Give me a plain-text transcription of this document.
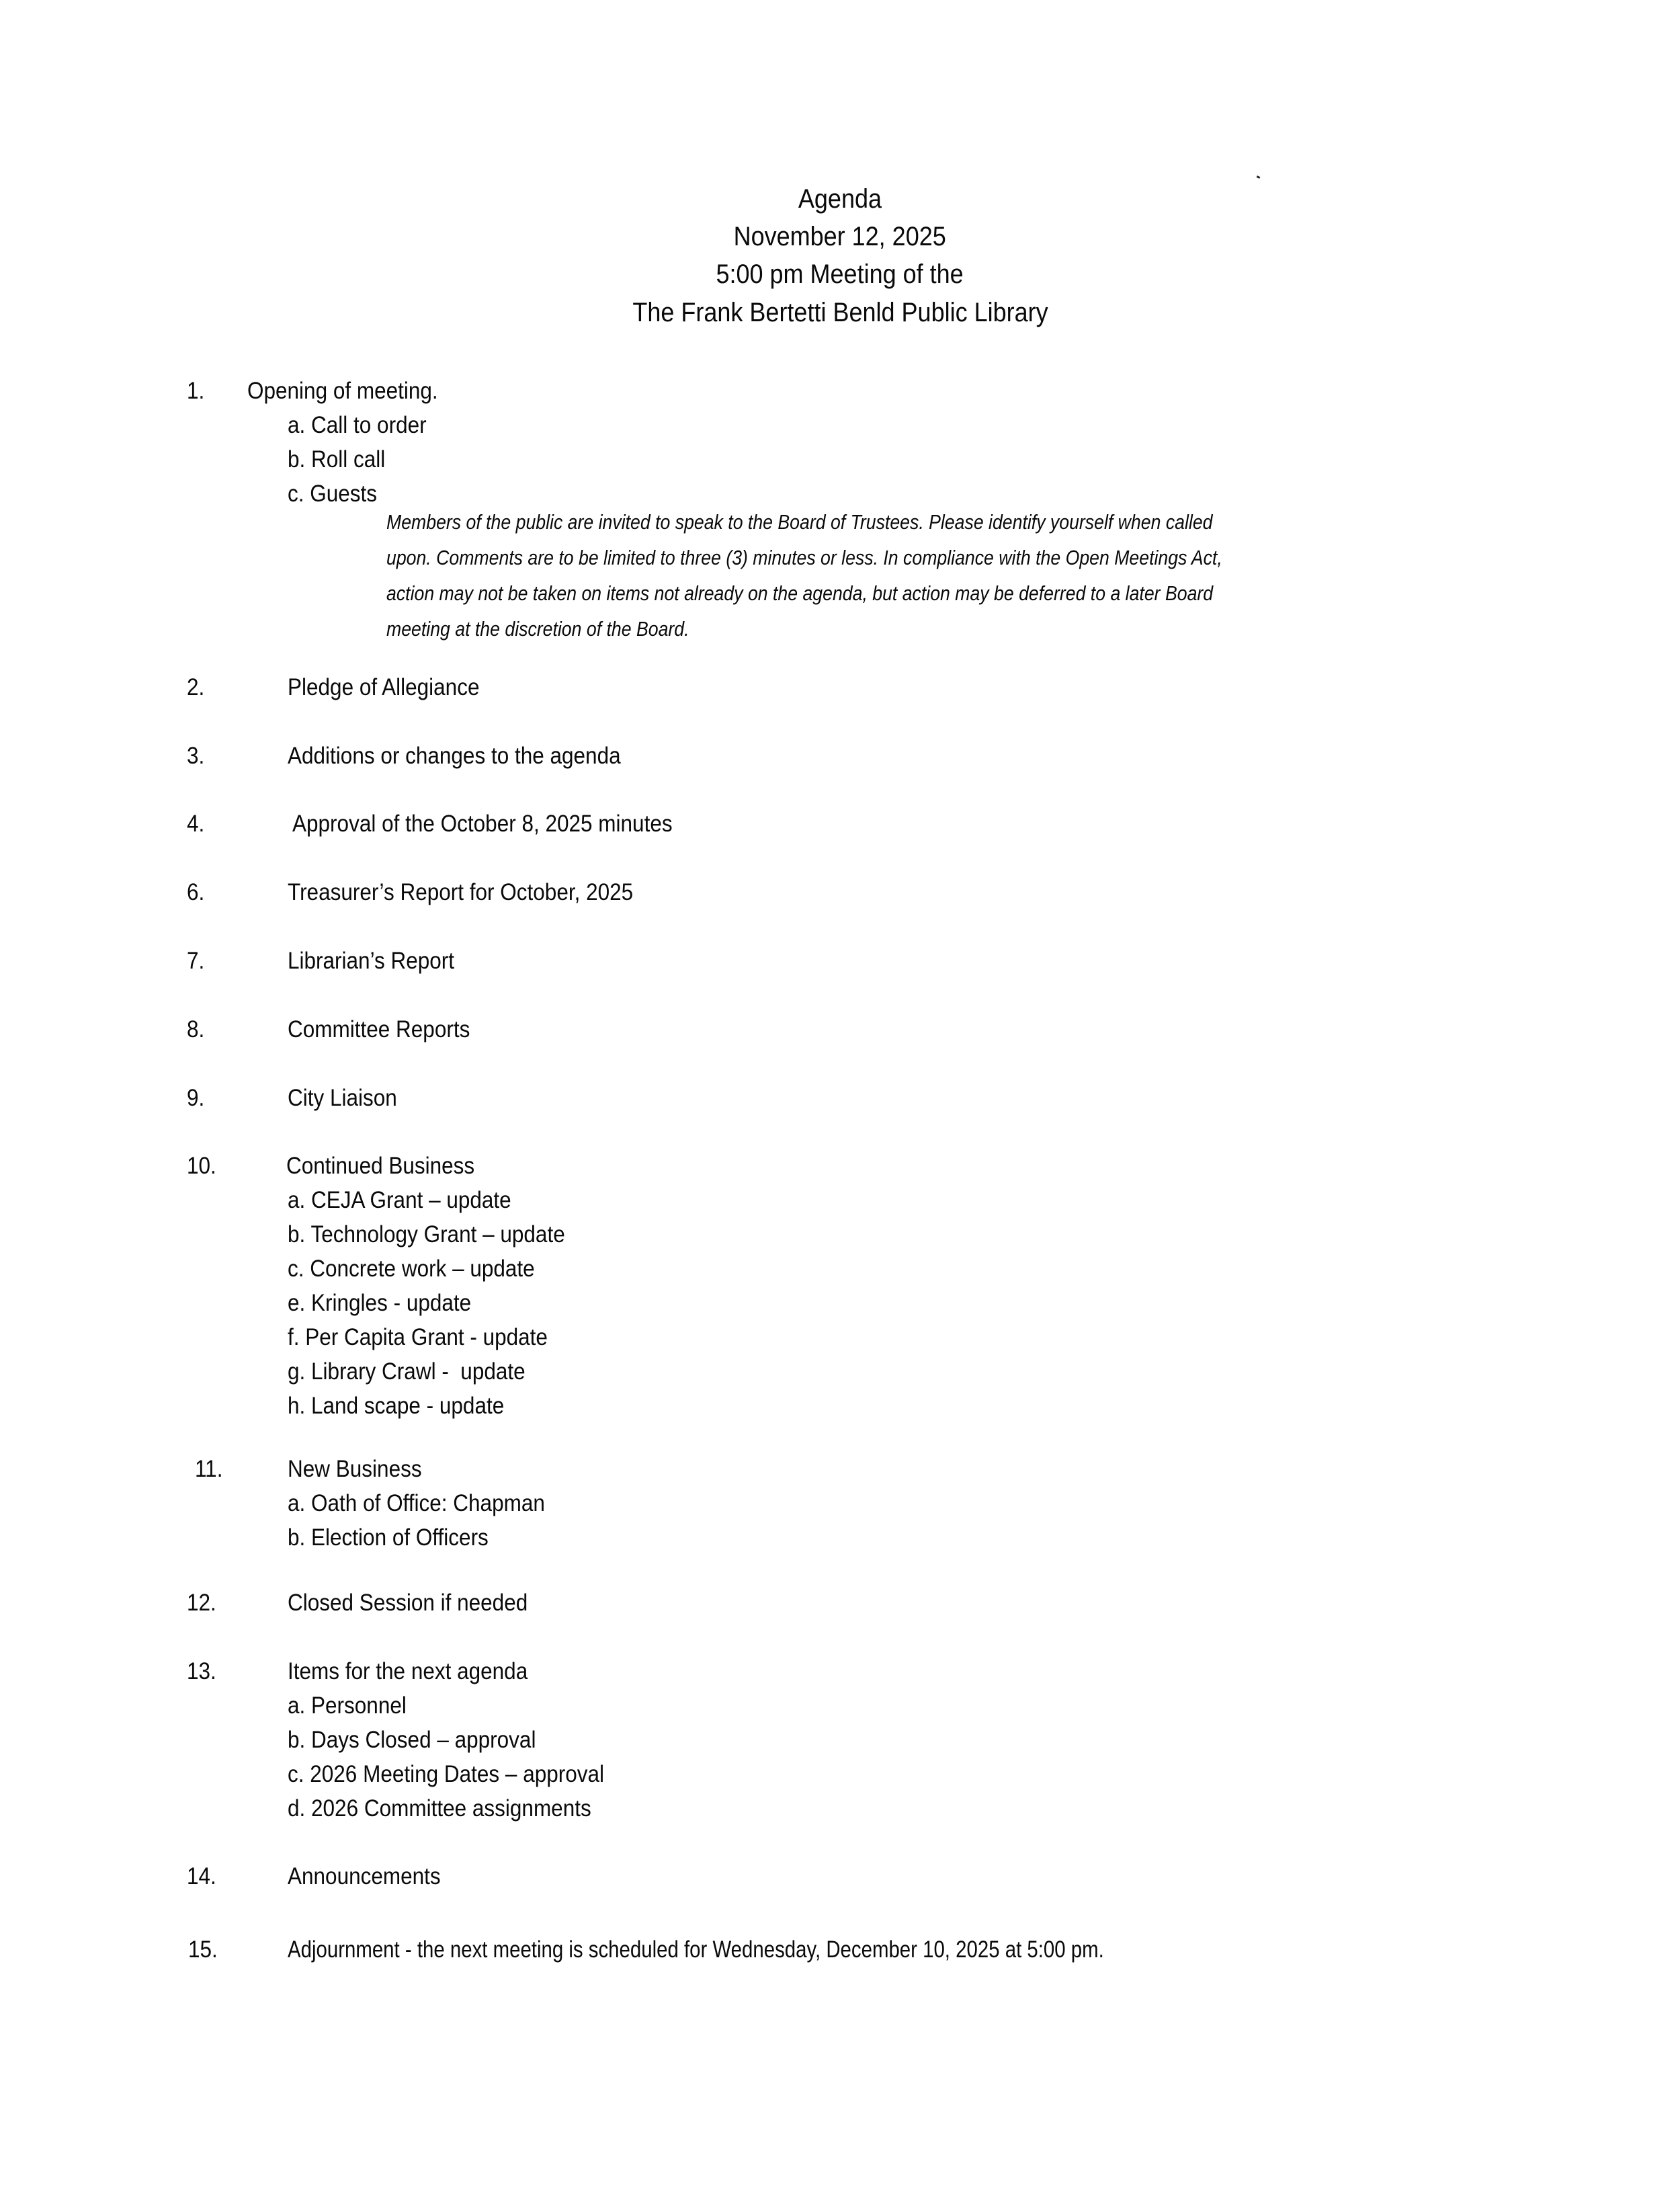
Agenda
November 12, 2025
5:00 pm Meeting of the
The Frank Bertetti Benld Public Library
1. Opening of meeting.
a. Call to order
b. Roll call
c. Guests
Members of the public are invited to speak to the Board of Trustees. Please identify yourself when called
upon. Comments are to be limited to three (3) minutes or less. In compliance with the Open Meetings Act,
action may not be taken on items not already on the agenda, but action may be deferred to a later Board
meeting at the discretion of the Board.
2.	Pledge of Allegiance
3.	Additions or changes to the agenda
4.	Approval of the October 8, 2025 minutes
6.	Treasurer’s Report for October, 2025
7.	Librarian’s Report
8.	Committee Reports
9.	City Liaison
10.	Continued Business
a. CEJA Grant – update
b. Technology Grant – update
c. Concrete work – update
e. Kringles - update
f. Per Capita Grant - update
g. Library Crawl -  update
h. Land scape - update
11.	New Business
a. Oath of Office: Chapman
b. Election of Officers
12.	Closed Session if needed
13.	Items for the next agenda
a. Personnel
b. Days Closed – approval
c. 2026 Meeting Dates – approval
d. 2026 Committee assignments
14.	Announcements
15.	Adjournment - the next meeting is scheduled for Wednesday, December 10, 2025 at 5:00 pm.
